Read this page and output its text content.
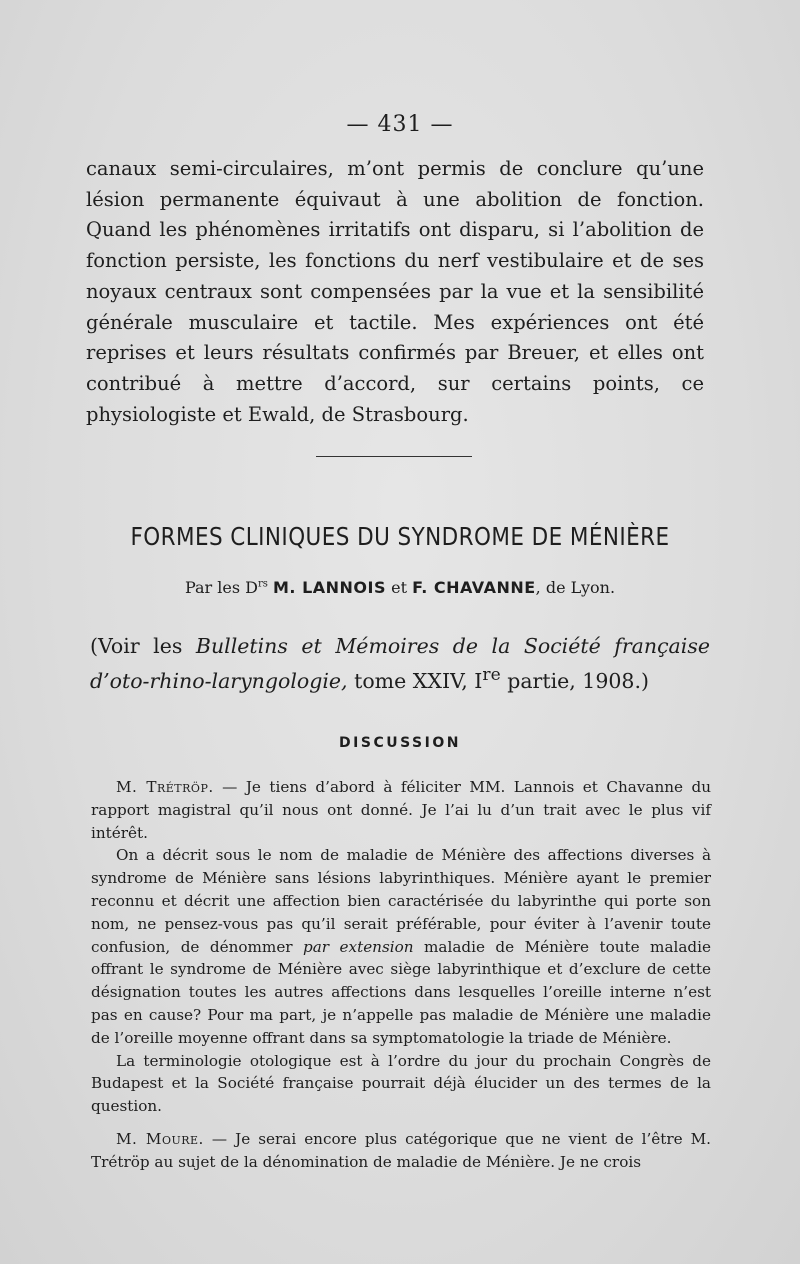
— 431 —

canaux semi-circulaires, m’ont permis de conclure qu’une lésion permanente équivaut à une abolition de fonction. Quand les phénomènes irritatifs ont disparu, si l’abolition de fonction persiste, les fonctions du nerf vestibulaire et de ses noyaux centraux sont compensées par la vue et la sensibilité générale musculaire et tactile. Mes expériences ont été reprises et leurs résultats confirmés par Breuer, et elles ont contribué à mettre d’accord, sur certains points, ce physiologiste et Ewald, de Strasbourg.

FORMES CLINIQUES DU SYNDROME DE MÉNIÈRE
Par les $D^{rs}$ M. LANNOIS et F. CHAVANNE, de Lyon.

(Voir les Bulletins et Mémoires de la Société française d’oto-rhino-laryngologie, tome XXIV, Ire partie, 1908.)

DISCUSSION

M. Trétröp. — Je tiens d’abord à féliciter MM. Lannois et Chavanne du rapport magistral qu’il nous ont donné. Je l’ai lu d’un trait avec le plus vif intérêt.

On a décrit sous le nom de maladie de Ménière des affections diverses à syndrome de Ménière sans lésions labyrinthiques. Ménière ayant le premier reconnu et décrit une affection bien caractérisée du labyrinthe qui porte son nom, ne pensez-vous pas qu’il serait préférable, pour éviter à l’avenir toute confusion, de dénommer par extension maladie de Ménière toute maladie offrant le syndrome de Ménière avec siège labyrinthique et d’exclure de cette désignation toutes les autres affections dans lesquelles l’oreille interne n’est pas en cause? Pour ma part, je n’appelle pas maladie de Ménière une maladie de l’oreille moyenne offrant dans sa symptomatologie la triade de Ménière.

La terminologie otologique est à l’ordre du jour du prochain Congrès de Budapest et la Société française pourrait déjà élucider un des termes de la question.

M. Moure. — Je serai encore plus catégorique que ne vient de l’être M. Trétröp au sujet de la dénomination de maladie de Ménière. Je ne crois
